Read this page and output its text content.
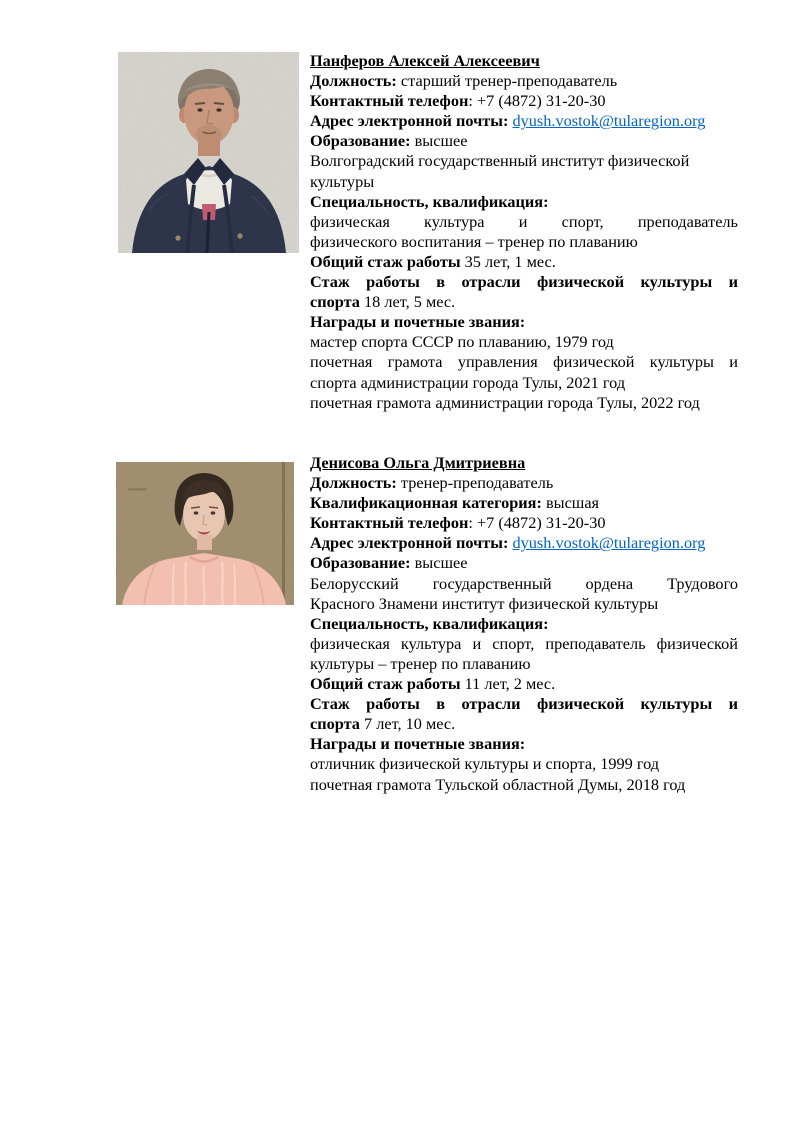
Панферов Алексей Алексеевич

Должность: старший тренер-преподаватель

Контактный телефон: +7 (4872) 31-20-30

Адрес электронной почты: dyush.vostok@tularegion.org

Образование: высшее

Волгоградский государственный институт физической
культуры

Специальность, квалификация:

физическая культура и спорт, преподаватель
физического воспитания – тренер по плаванию

Общий стаж работы 35 лет, 1 мес.

Стаж работы в отрасли физической культуры и
спорта 18 лет, 5 мес.

Награды и почетные звания:

мастер спорта СССР по плаванию, 1979 год
почетная грамота управления физической культуры и
спорта администрации города Тулы, 2021 год
почетная грамота администрации города Тулы, 2022 год

Денисова Ольга Дмитриевна

Должность: тренер-преподаватель

Квалификационная категория: высшая

Контактный телефон: +7 (4872) 31-20-30

Адрес электронной почты: dyush.vostok@tularegion.org

Образование: высшее

Белорусский государственный ордена Трудового
Красного Знамени институт физической культуры

Специальность, квалификация:

физическая культура и спорт, преподаватель физической
культуры – тренер по плаванию

Общий стаж работы 11 лет, 2 мес.

Стаж работы в отрасли физической культуры и
спорта 7 лет, 10 мес.

Награды и почетные звания:

отличник физической культуры и спорта, 1999 год
почетная грамота Тульской областной Думы, 2018 год
